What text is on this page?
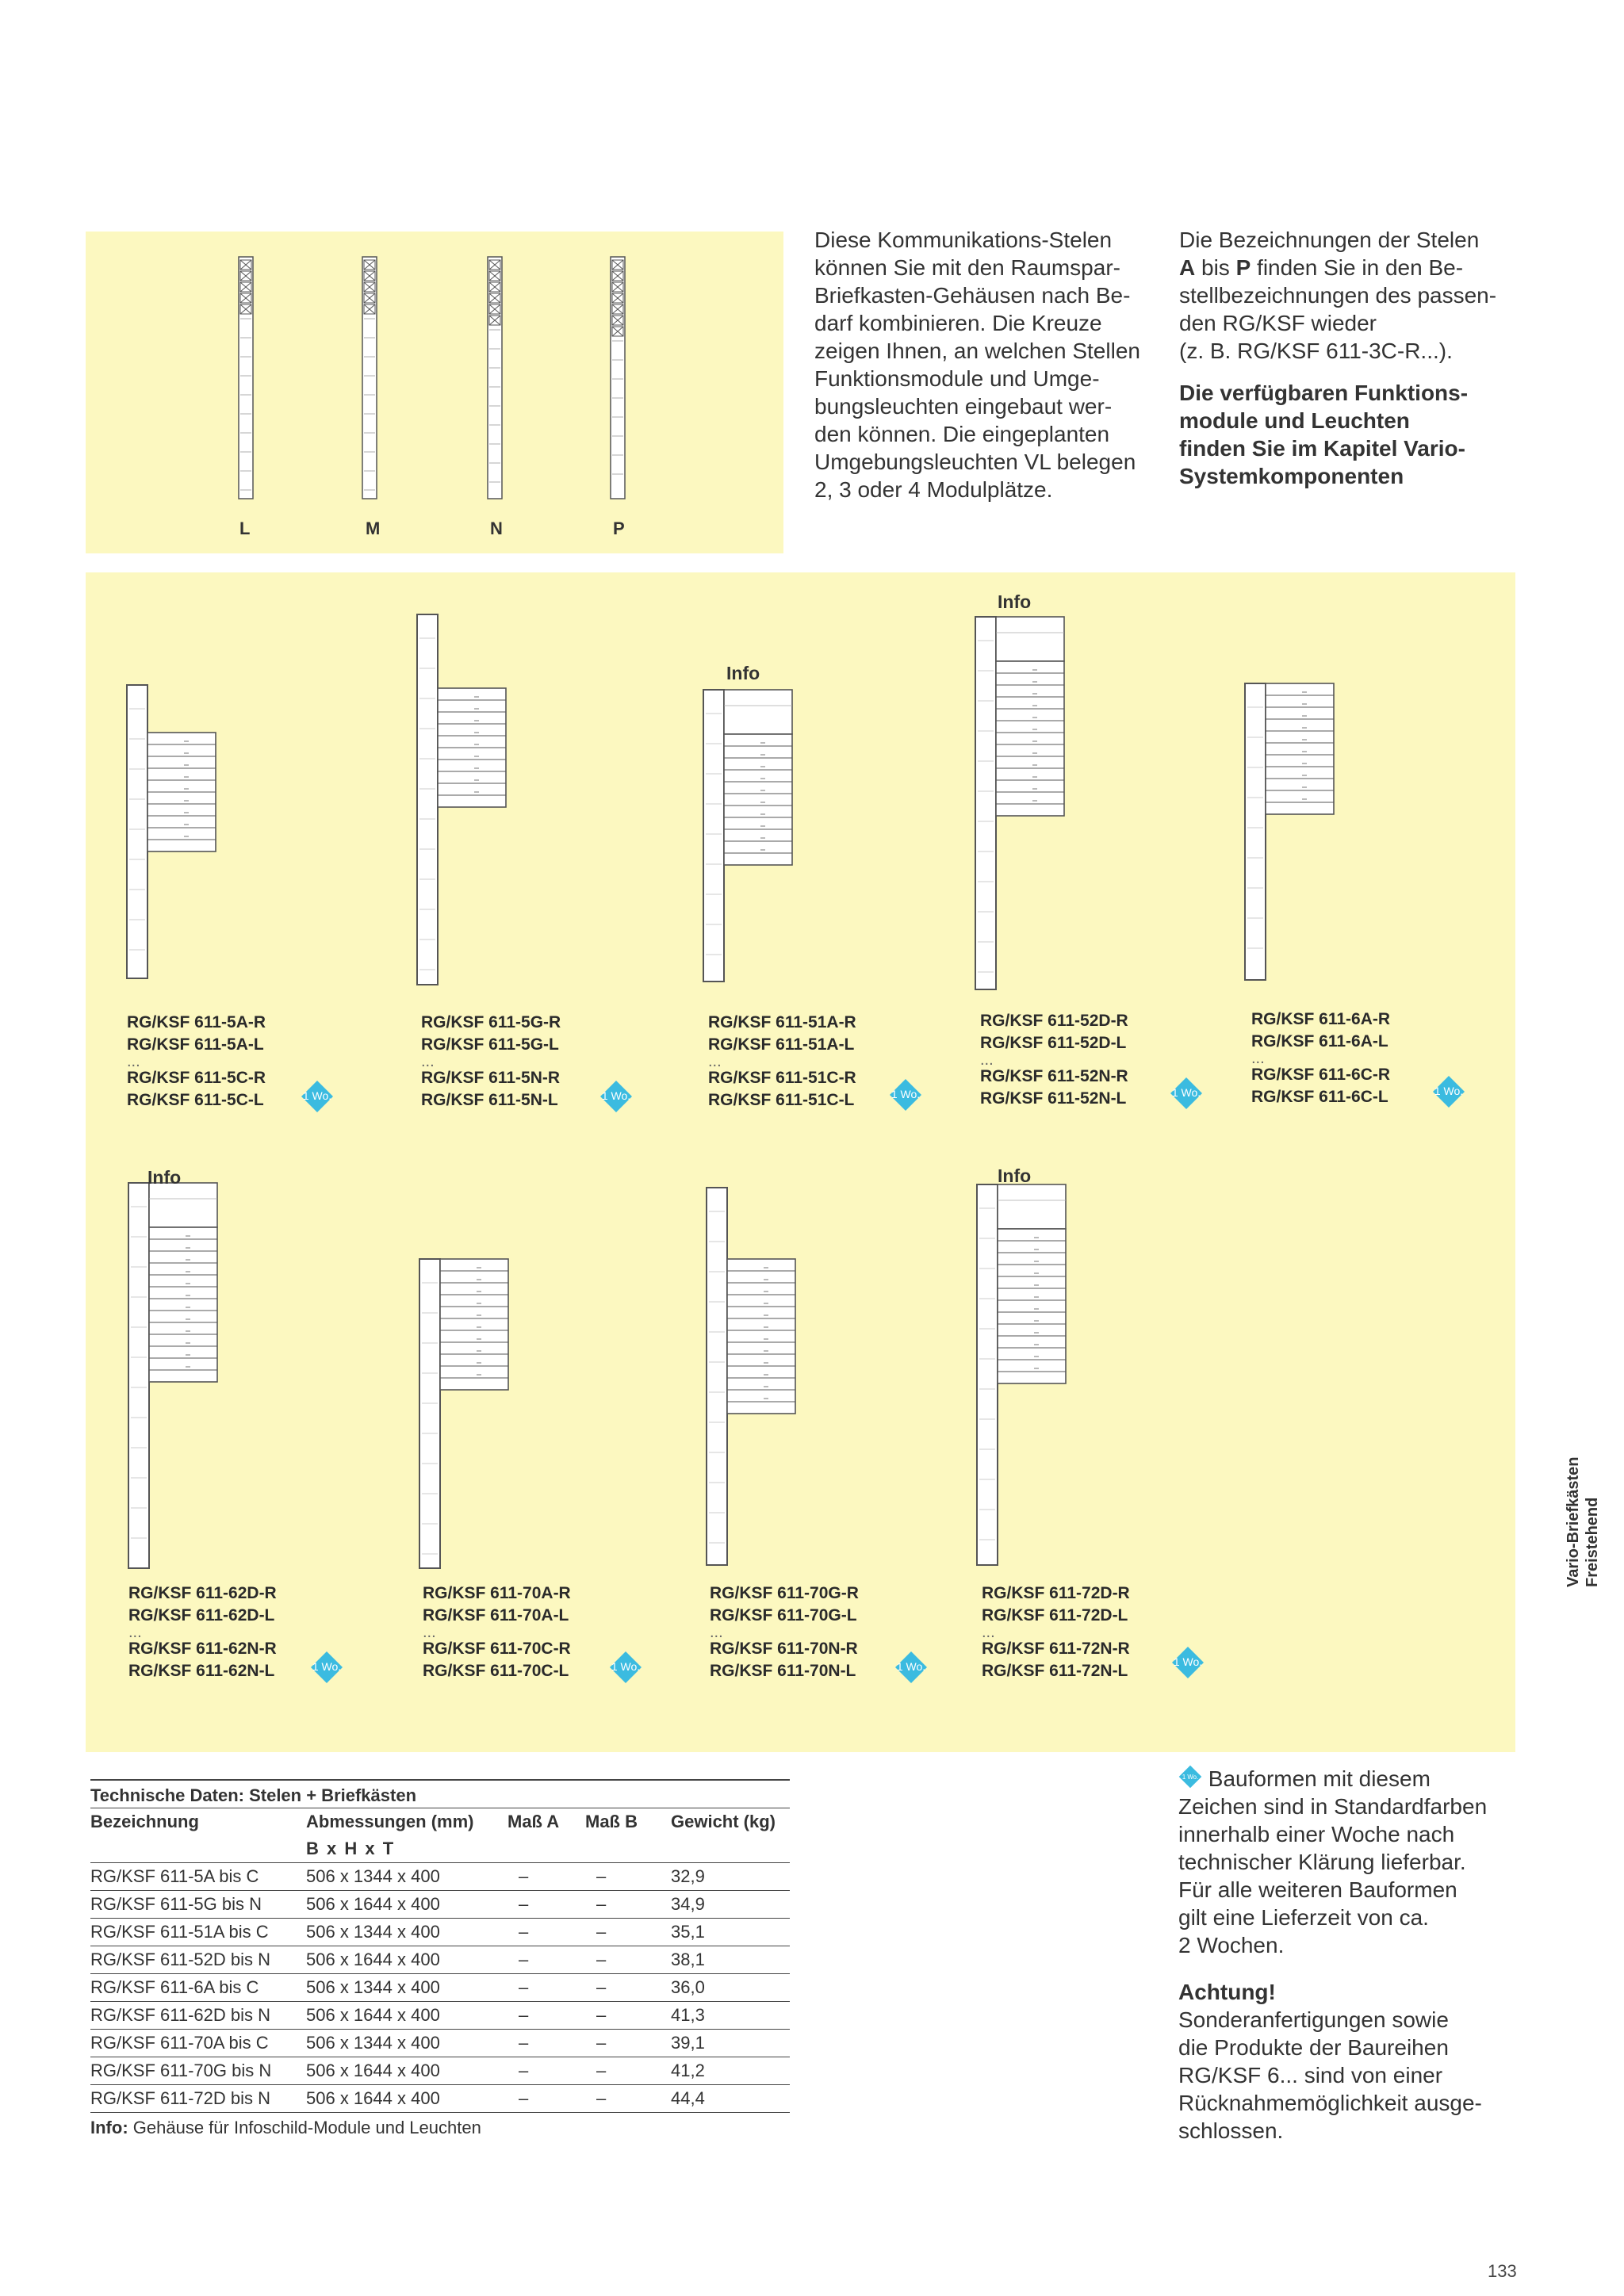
L	M	N	P
Diese Kommunikations-Stelen
können Sie mit den Raumspar-
Briefkasten-Gehäusen nach Be-
darf kombinieren. Die Kreuze
zeigen Ihnen, an welchen Stellen
Funktionsmodule und Umge-
bungsleuchten eingebaut wer-
den können. Die eingeplanten
Umgebungsleuchten VL belegen
2, 3 oder 4 Modulplätze.
Die Bezeichnungen der Stelen
A bis P finden Sie in den Be-
stellbezeichnungen des passen-
den RG/KSF wieder
(z. B. RG/KSF 611-3C-R...).
Die verfügbaren Funktions-
module und Leuchten
finden Sie im Kapitel Vario-
Systemkomponenten
Info
Info
Info	Info
RG/KSF 611-5A-R
RG/KSF 611-5A-L
...
RG/KSF 611-5C-R
RG/KSF 611-5C-L
RG/KSF 611-5G-R
RG/KSF 611-5G-L
...
RG/KSF 611-5N-R
RG/KSF 611-5N-L
RG/KSF 611-51A-R
RG/KSF 611-51A-L
...
RG/KSF 611-51C-R
RG/KSF 611-51C-L
RG/KSF 611-52D-R
RG/KSF 611-52D-L
...
RG/KSF 611-52N-R
RG/KSF 611-52N-L
RG/KSF 611-6A-R
RG/KSF 611-6A-L
...
RG/KSF 611-6C-R
RG/KSF 611-6C-L
RG/KSF 611-62D-R
RG/KSF 611-62D-L
...
RG/KSF 611-62N-R
RG/KSF 611-62N-L
RG/KSF 611-70A-R
RG/KSF 611-70A-L
...
RG/KSF 611-70C-R
RG/KSF 611-70C-L
RG/KSF 611-70G-R
RG/KSF 611-70G-L
...
RG/KSF 611-70N-R
RG/KSF 611-70N-L
RG/KSF 611-72D-R
RG/KSF 611-72D-L
...
RG/KSF 611-72N-R
RG/KSF 611-72N-L
1 Wo.	1 Wo.	1 Wo.	1 Wo.	1 Wo.
1 Wo.	1 Wo.	1 Wo.	1 Wo.
Technische Daten: Stelen + Briefkästen
Bezeichnung	Abmessungen (mm)	Maß A	Maß B	Gewicht (kg)
	B x H x T			
RG/KSF 611-5A bis C	506 x 1344 x 400	–	–	32,9
RG/KSF 611-5G bis N	506 x 1644 x 400	–	–	34,9
RG/KSF 611-51A bis C	506 x 1344 x 400	–	–	35,1
RG/KSF 611-52D bis N	506 x 1644 x 400	–	–	38,1
RG/KSF 611-6A bis C	506 x 1344 x 400	–	–	36,0
RG/KSF 611-62D bis N	506 x 1644 x 400	–	–	41,3
RG/KSF 611-70A bis C	506 x 1344 x 400	–	–	39,1
RG/KSF 611-70G bis N	506 x 1644 x 400	–	–	41,2
RG/KSF 611-72D bis N	506 x 1644 x 400	–	–	44,4
Info: Gehäuse für Infoschild-Module und Leuchten
1 Wo. Bauformen mit diesem
Zeichen sind in Standardfarben
innerhalb einer Woche nach
technischer Klärung lieferbar.
Für alle weiteren Bauformen
gilt eine Lieferzeit von ca.
2 Wochen.
Achtung!
Sonderanfertigungen sowie
die Produkte der Baureihen
RG/KSF 6... sind von einer
Rücknahmemöglichkeit ausge-
schlossen.
Vario-Briefkästen Freistehend
133
